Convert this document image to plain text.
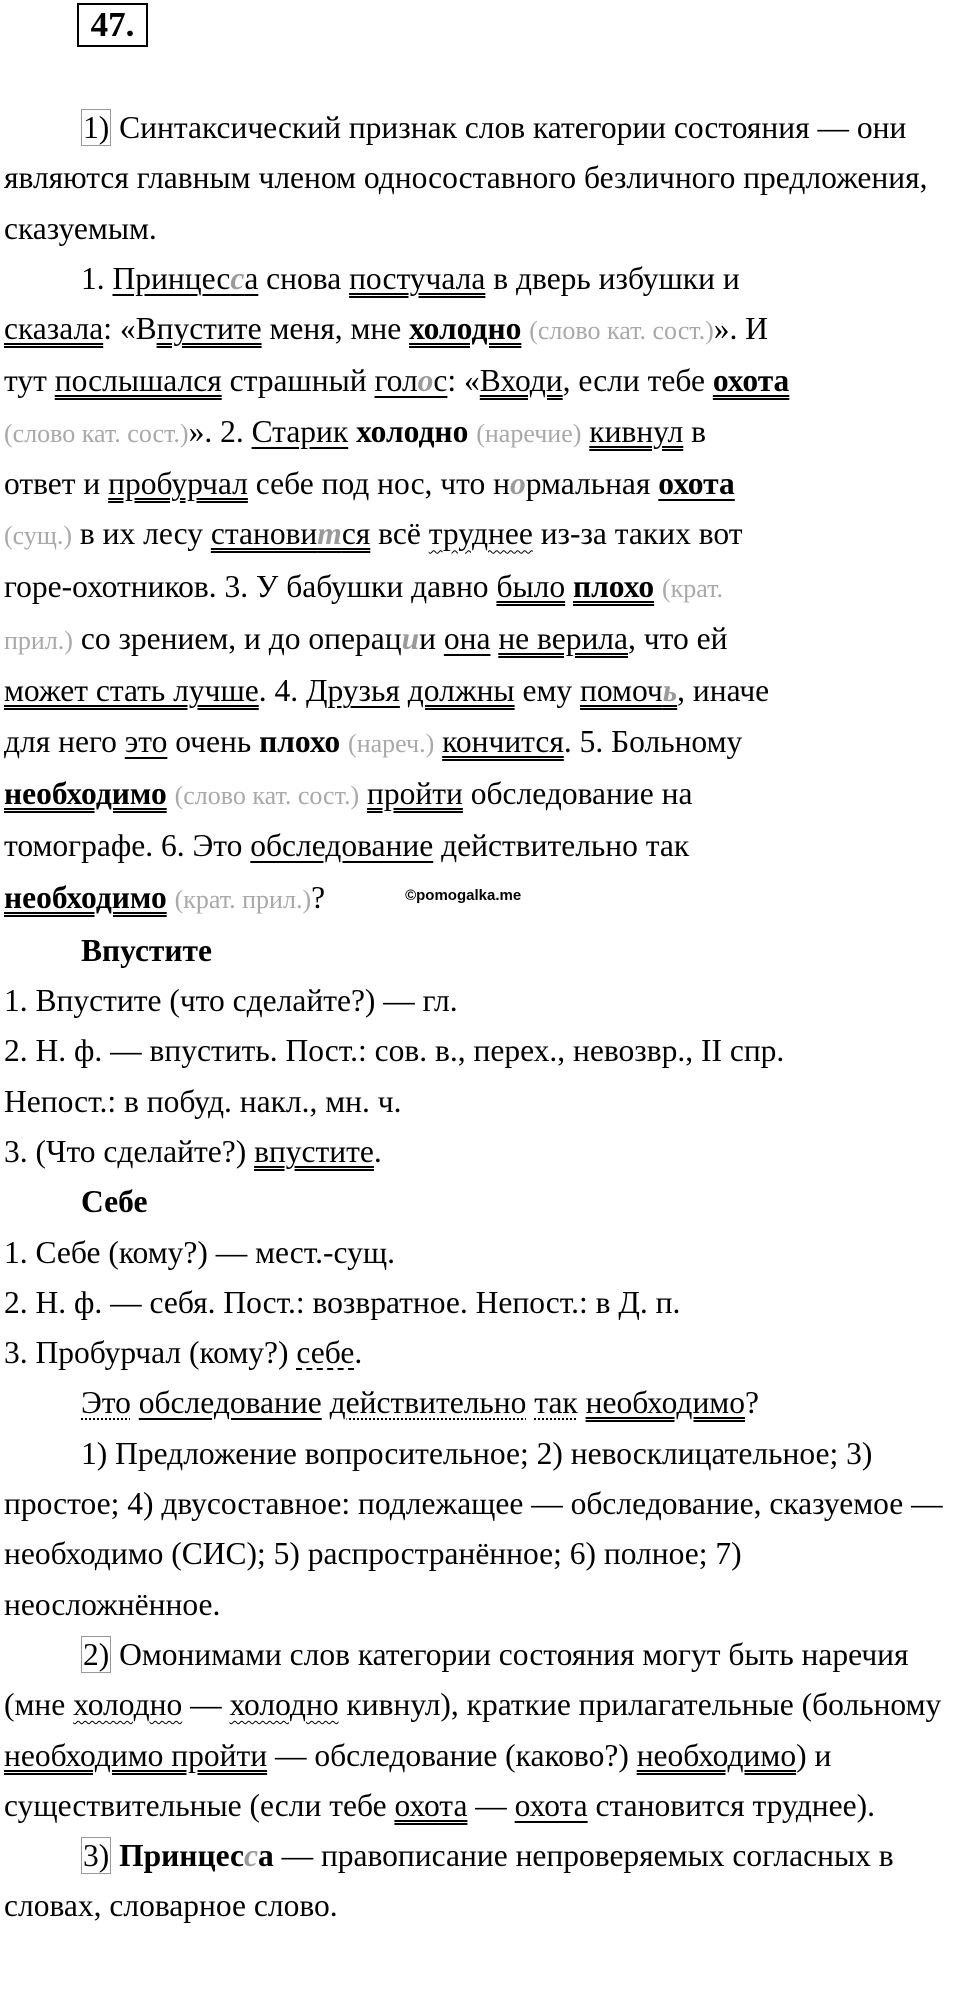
47.

1) Синтаксический признак слов категории состояния — они являются главным членом односоставного безличного предложения, сказуемым.

1. Принцесса снова постучала в дверь избушки и
сказала: «Впустите меня, мне холодно (слово кат. сост.)». И
тут послышался страшный голос: «Входи, если тебе охота
(слово кат. сост.)». 2. Старик холодно (наречие) кивнул в
ответ и пробурчал себе под нос, что нормальная охота
(сущ.) в их лесу становится всё труднее из-за таких вот
горе-охотников. 3. У бабушки давно было плохо (крат.
прил.) со зрением, и до операции она не верила, что ей
может стать лучше. 4. Друзья должны ему помочь, иначе
для него это очень плохо (нареч.) кончится. 5. Больному
необходимо (слово кат. сост.) пройти обследование на
томографе. 6. Это обследование действительно так
необходимо (крат. прил.)?	$^{©pomogalka.me}$

Впустите

1. Впустите (что сделайте?) — гл.

2. Н. ф. — впустить. Пост.: сов. в., перех., невозвр., II спр.

Непост.: в побуд. накл., мн. ч.

3. (Что сделайте?) впустите.

Себе

1. Себе (кому?) — мест.-сущ.

2. Н. ф. — себя. Пост.: возвратное. Непост.: в Д. п.

3. Пробурчал (кому?) себе.

Это обследование действительно так необходимо?

1) Предложение вопросительное; 2) невосклицательное; 3) простое; 4) двусоставное: подлежащее — обследование, сказуемое — необходимо (СИС); 5) распространённое; 6) полное; 7) неосложнённое.

2) Омонимами слов категории состояния могут быть наречия (мне холодно — холодно кивнул), краткие прилагательные (больному необходимо пройти — обследование (каково?) необходимо) и существительные (если тебе охота — охота становится труднее).

3) Принцесса — правописание непроверяемых согласных в словах, словарное слово.
